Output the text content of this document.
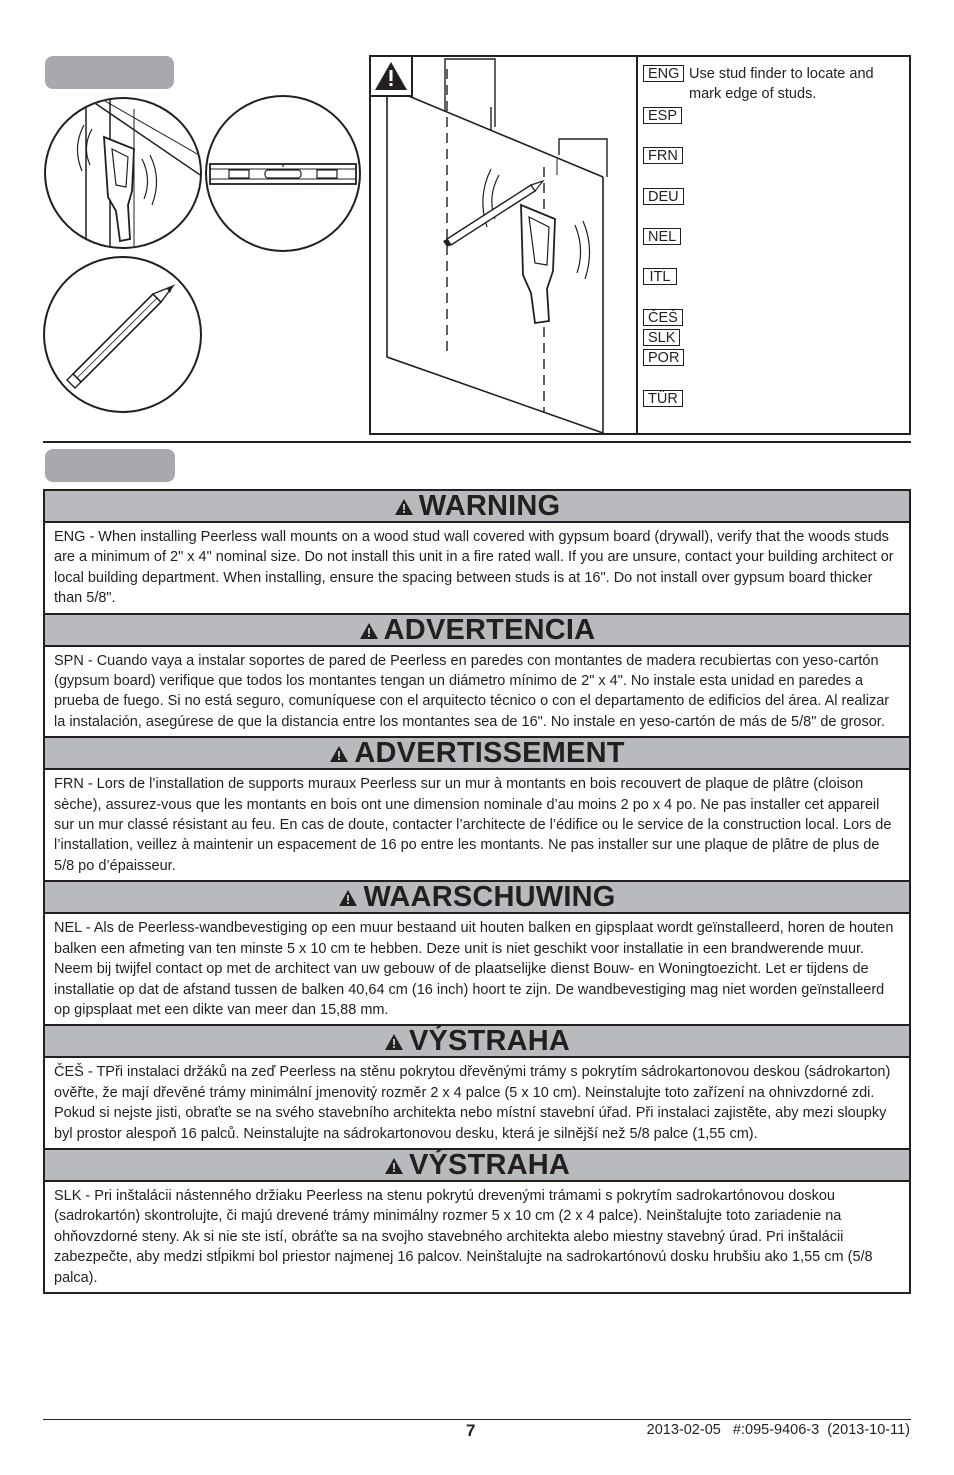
ENG Use stud finder to locate and mark edge of studs.
ESP
FRN
DEU
NEL
ITL
ČEŠ
SLK
POR
TÜR
WARNING
ENG - When installing Peerless wall mounts on a wood stud wall covered with gypsum board (drywall), verify that the woods studs are a minimum of 2" x 4" nominal size. Do not install this unit in a fire rated wall. If you are unsure, contact your building architect or local building department. When installing, ensure the spacing between studs is at 16". Do not install over gypsum board thicker than 5/8".
ADVERTENCIA
SPN - Cuando vaya a instalar soportes de pared de Peerless en paredes con montantes de madera recubiertas con yeso-cartón (gypsum board) verifique que todos los montantes tengan un diámetro mínimo de 2" x 4". No instale esta unidad en paredes a prueba de fuego. Si no está seguro, comuníquese con el arquitecto técnico o con el departamento de edificios del área. Al realizar la instalación, asegúrese de que la distancia entre los montantes sea de 16". No instale en yeso-cartón de más de 5/8" de grosor.
ADVERTISSEMENT
FRN - Lors de l’installation de supports muraux Peerless sur un mur à montants en bois recouvert de plaque de plâtre (cloison sèche), assurez-vous que les montants en bois ont une dimension nominale d’au moins 2 po x 4 po. Ne pas installer cet appareil sur un mur classé résistant au feu. En cas de doute, contacter l’architecte de l’édifice ou le service de la construction local. Lors de l’installation, veillez à maintenir un espacement de 16 po entre les montants. Ne pas installer sur une plaque de plâtre de plus de 5/8 po d’épaisseur.
WAARSCHUWING
NEL - Als de Peerless-wandbevestiging op een muur bestaand uit houten balken en gipsplaat wordt geïnstalleerd, horen de houten balken een afmeting van ten minste 5 x 10 cm te hebben. Deze unit is niet geschikt voor installatie in een brandwerende muur. Neem bij twijfel contact op met de architect van uw gebouw of de plaatselijke dienst Bouw- en Woningtoezicht. Let er tijdens de installatie op dat de afstand tussen de balken 40,64 cm (16 inch) hoort te zijn. De wandbevestiging mag niet worden geïnstalleerd op gipsplaat met een dikte van meer dan 15,88 mm.
VÝSTRAHA
ČEŠ - TPři instalaci držáků na zeď Peerless na stěnu pokrytou dřevěnými trámy s pokrytím sádrokartonovou deskou (sádrokarton) ověřte, že mají dřevěné trámy minimální jmenovitý rozměr 2 x 4 palce (5 x 10 cm). Neinstalujte toto zařízení na ohnivzdorné zdi. Pokud si nejste jisti, obraťte se na svého stavebního architekta nebo místní stavební úřad. Při instalaci zajistěte, aby mezi sloupky byl prostor alespoň 16 palců. Neinstalujte na sádrokartonovou desku, která je silnější než 5/8 palce (1,55 cm).
VÝSTRAHA
SLK - Pri inštalácii nástenného držiaku Peerless na stenu pokrytú drevenými trámami s pokrytím sadrokartónovou doskou (sadrokartón) skontrolujte, či majú drevené trámy minimálny rozmer 5 x 10 cm (2 x 4 palce). Neinštalujte toto zariadenie na ohňovzdorné steny. Ak si nie ste istí, obráťte sa na svojho stavebného architekta alebo miestny stavebný úrad. Pri inštalácii zabezpečte, aby medzi stĺpikmi bol priestor najmenej 16 palcov. Neinštalujte na sadrokartónovú dosku hrubšiu ako 1,55 cm (5/8 palca).
7	2013-02-05   #:095-9406-3  (2013-10-11)
